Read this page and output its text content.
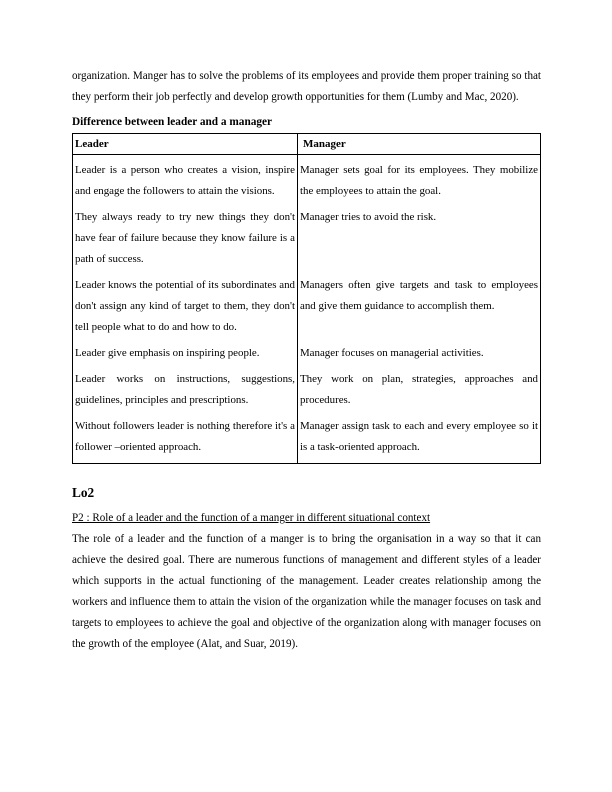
organization. Manger has to solve the problems of its employees and provide them proper training so that they perform their job perfectly and develop growth opportunities for them (Lumby and Mac, 2020).

Difference between leader and a manager

Leader	Manager

Leader is a person who creates a vision, inspire and engage the followers to attain the visions.	Manager sets goal for its employees. They mobilize the employees to attain the goal.

They always ready to try new things they don't have fear of failure because they know failure is a path of success.	Manager tries to avoid the risk.

Leader knows the potential of its subordinates and don't assign any kind of target to them, they don't tell people what to do and how to do.	Managers often give targets and task to employees and give them guidance to accomplish them.

Leader give emphasis on inspiring people.	Manager focuses on managerial activities.

Leader works on instructions, suggestions, guidelines, principles and prescriptions.	They work on plan, strategies, approaches and procedures.

Without followers leader is nothing therefore it's a follower –oriented approach.	Manager assign task to each and every employee so it is a task-oriented approach.

Lo2

P2 : Role of a leader and the function of a manger in different situational context

The role of a leader and the function of a manger is to bring the organisation in a way so that it can achieve the desired goal. There are numerous functions of management and different styles of a leader which supports in the actual functioning of the management. Leader creates relationship among the workers and influence them to attain the vision of the organization while the manager focuses on task and targets to employees to achieve the goal and objective of the organization along with manager focuses on the growth of the employee (Alat, and Suar, 2019).
